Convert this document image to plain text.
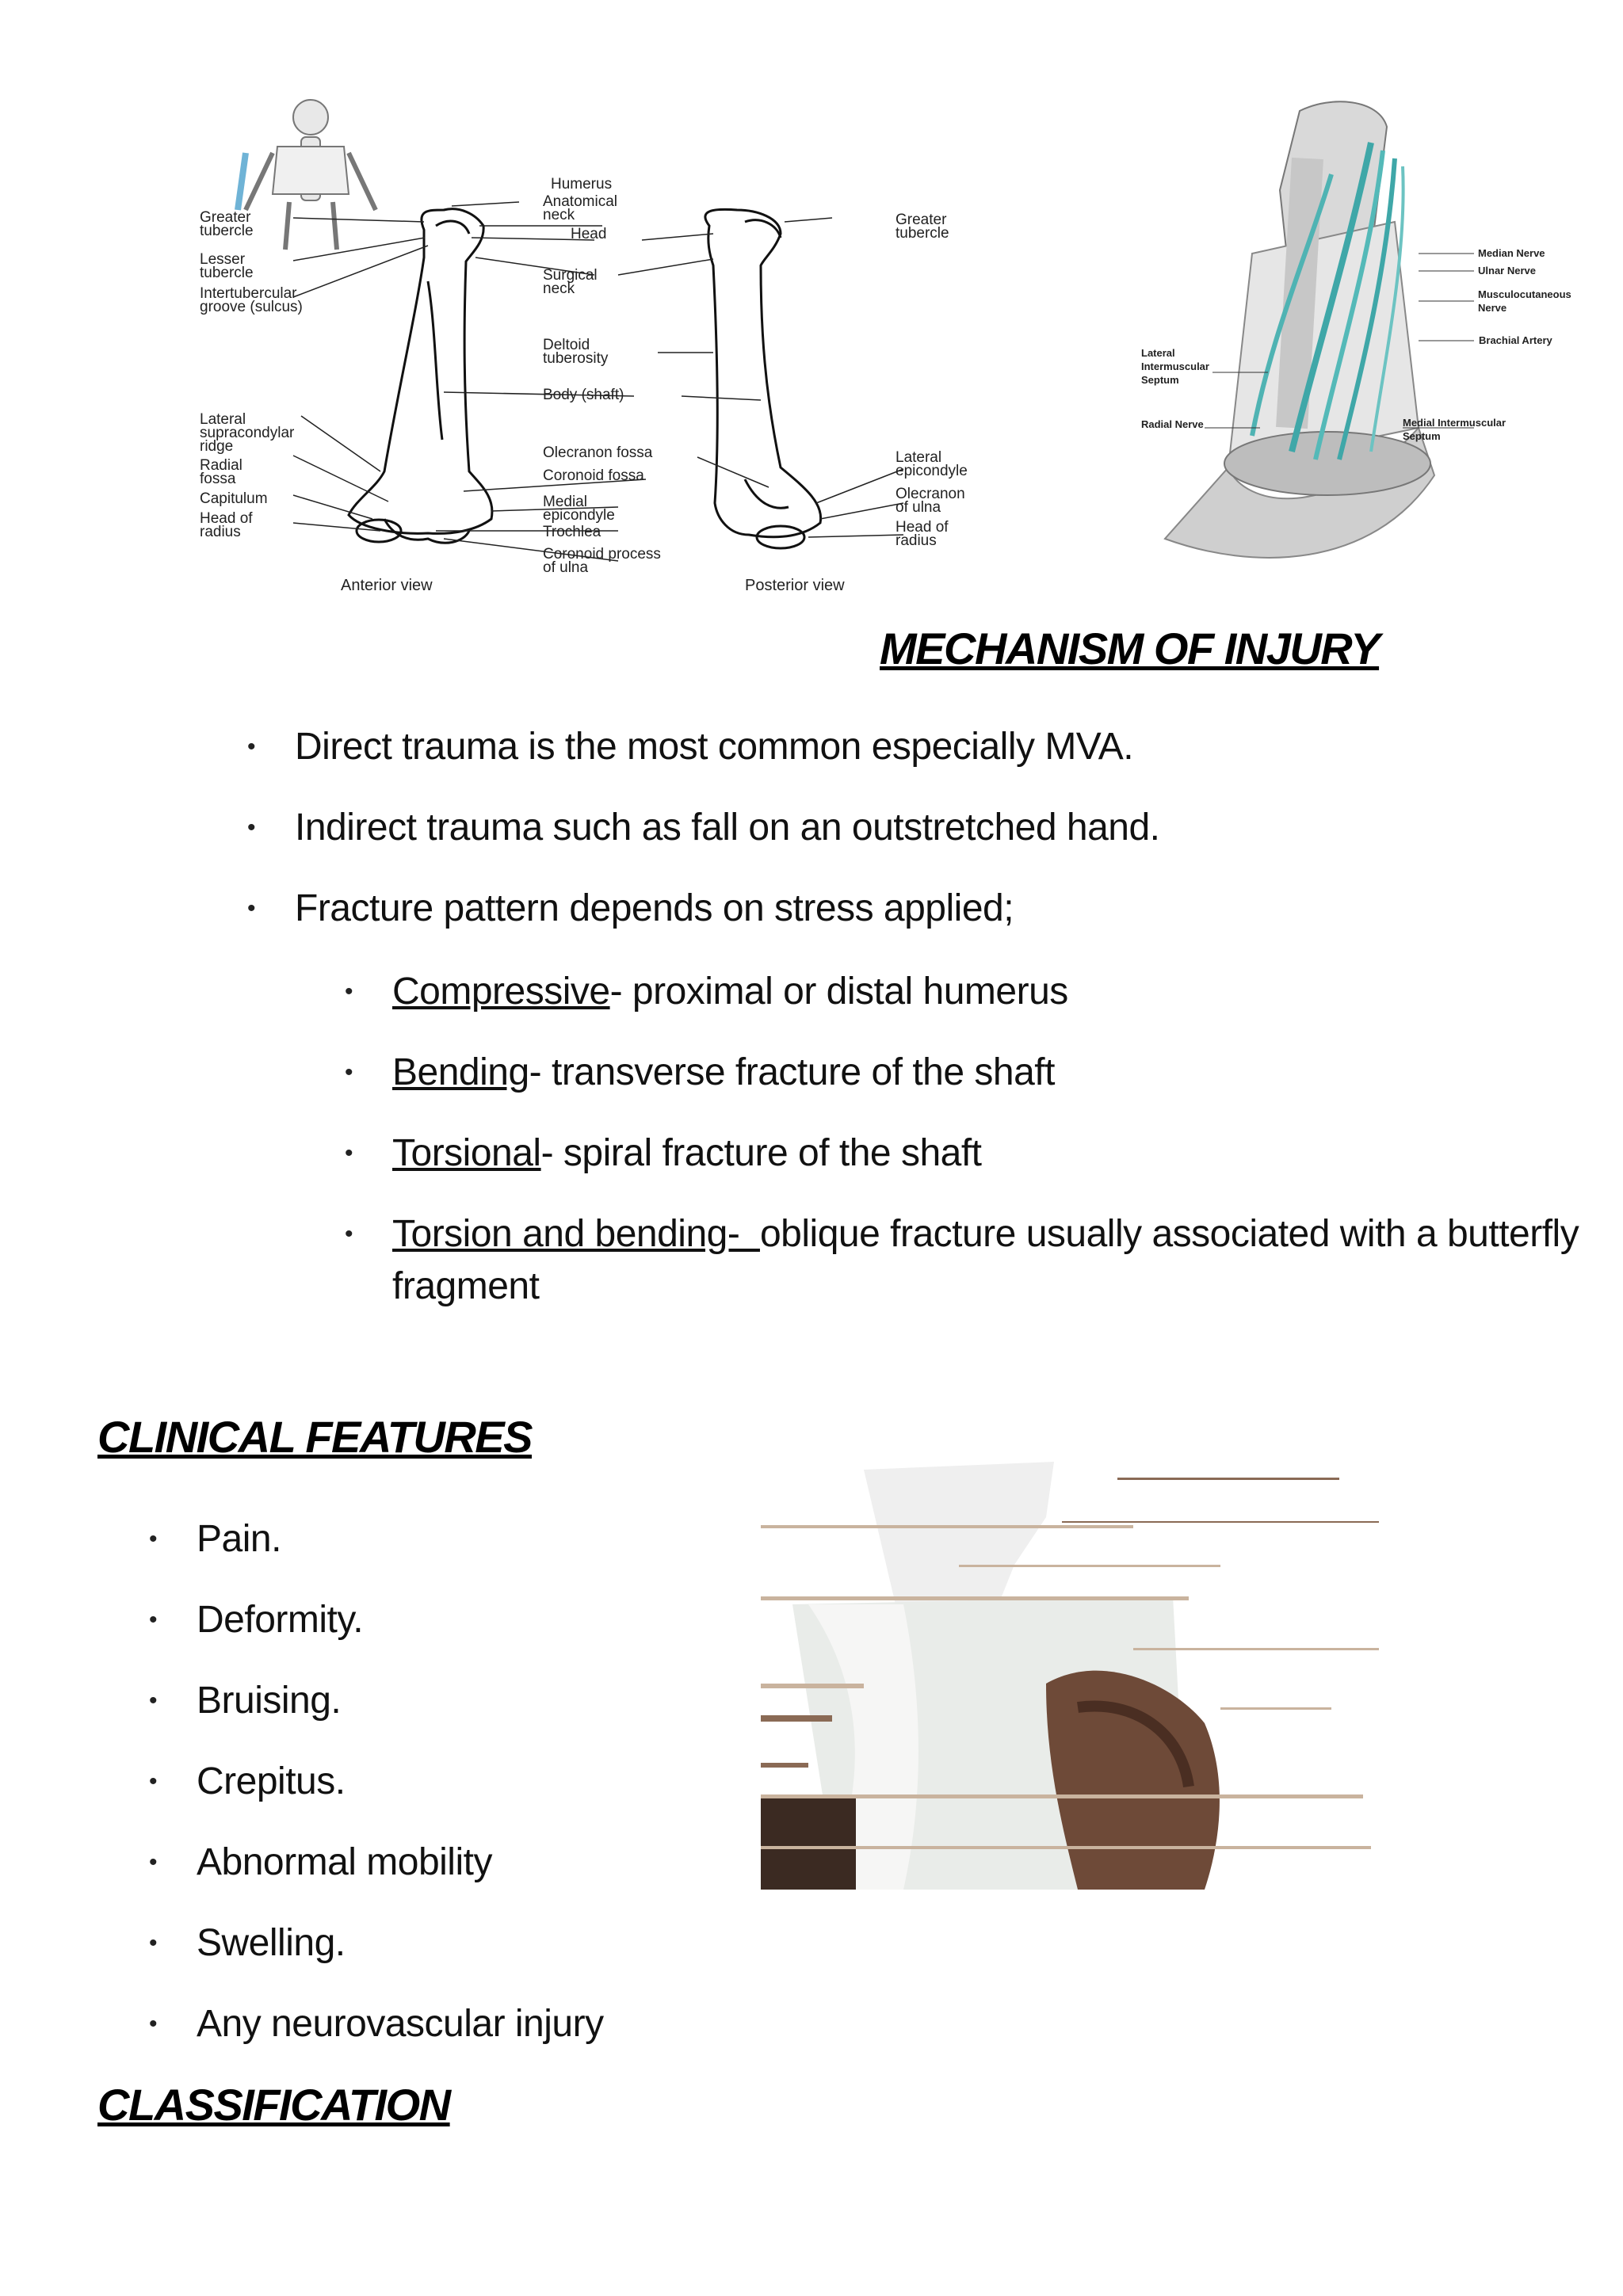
Greater
tubercle
Lesser
tubercle
Intertubercular
groove (sulcus)
Lateral
supracondylar
ridge
Radial
fossa
Capitulum
Head of
radius
Humerus
Anatomical
neck
Head
Surgical
neck
Deltoid
tuberosity
Body (shaft)
Olecranon fossa
Coronoid fossa
Medial
epicondyle
Trochlea
Coronoid process
of ulna
Greater
tubercle
Lateral
epicondyle
Olecranon
of ulna
Head of
radius
Anterior view	Posterior view
Median Nerve
Ulnar Nerve
Musculocutaneous
Nerve
Brachial Artery
Medial Intermuscular
Septum
Lateral
Intermuscular
Septum
Radial Nerve
MECHANISM OF INJURY
• Direct trauma is the most common especially MVA.
• Indirect trauma such as fall on an outstretched hand.
• Fracture pattern depends on stress applied;
• Compressive- proximal or distal humerus
• Bending- transverse fracture of the shaft
• Torsional- spiral fracture of the shaft
• Torsion and bending-  oblique fracture usually associated with a butterfly fragment
CLINICAL FEATURES
• Pain.
• Deformity.
• Bruising.
• Crepitus.
• Abnormal mobility
• Swelling.
• Any neurovascular injury
CLASSIFICATION
